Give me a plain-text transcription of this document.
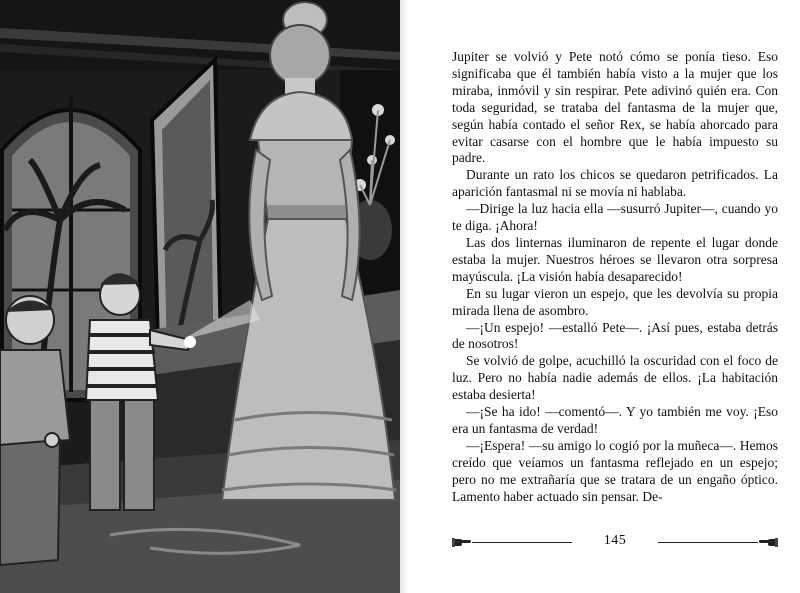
Jupiter se volvió y Pete notó cómo se ponía tieso. Eso significaba que él también había visto a la mujer que los miraba, inmóvil y sin respirar. Pete adivinó quién era. Con toda seguridad, se trataba del fantasma de la mujer que, según había contado el señor Rex, se había ahorcado para evitar casarse con el hombre que le había impuesto su padre.

Durante un rato los chicos se quedaron petrificados. La aparición fantasmal ni se movía ni hablaba.

—Dirige la luz hacia ella —susurró Jupiter—, cuando yo te diga. ¡Ahora!

Las dos linternas iluminaron de repente el lugar donde estaba la mujer. Nuestros héroes se llevaron otra sorpresa mayúscula. ¡La visión había desaparecido!

En su lugar vieron un espejo, que les devolvía su propia mirada llena de asombro.

—¡Un espejo! —estalló Pete—. ¡Así pues, estaba detrás de nosotros!

Se volvió de golpe, acuchilló la oscuridad con el foco de luz. Pero no había nadie además de ellos. ¡La habitación estaba desierta!

—¡Se ha ido! —comentó—. Y yo también me voy. ¡Eso era un fantasma de verdad!

—¡Espera! —su amigo lo cogió por la muñeca—. Hemos creído que veíamos un fantasma reflejado en un espejo; pero no me extrañaría que se tratara de un engaño óptico. Lamento haber actuado sin pensar. De-

145
